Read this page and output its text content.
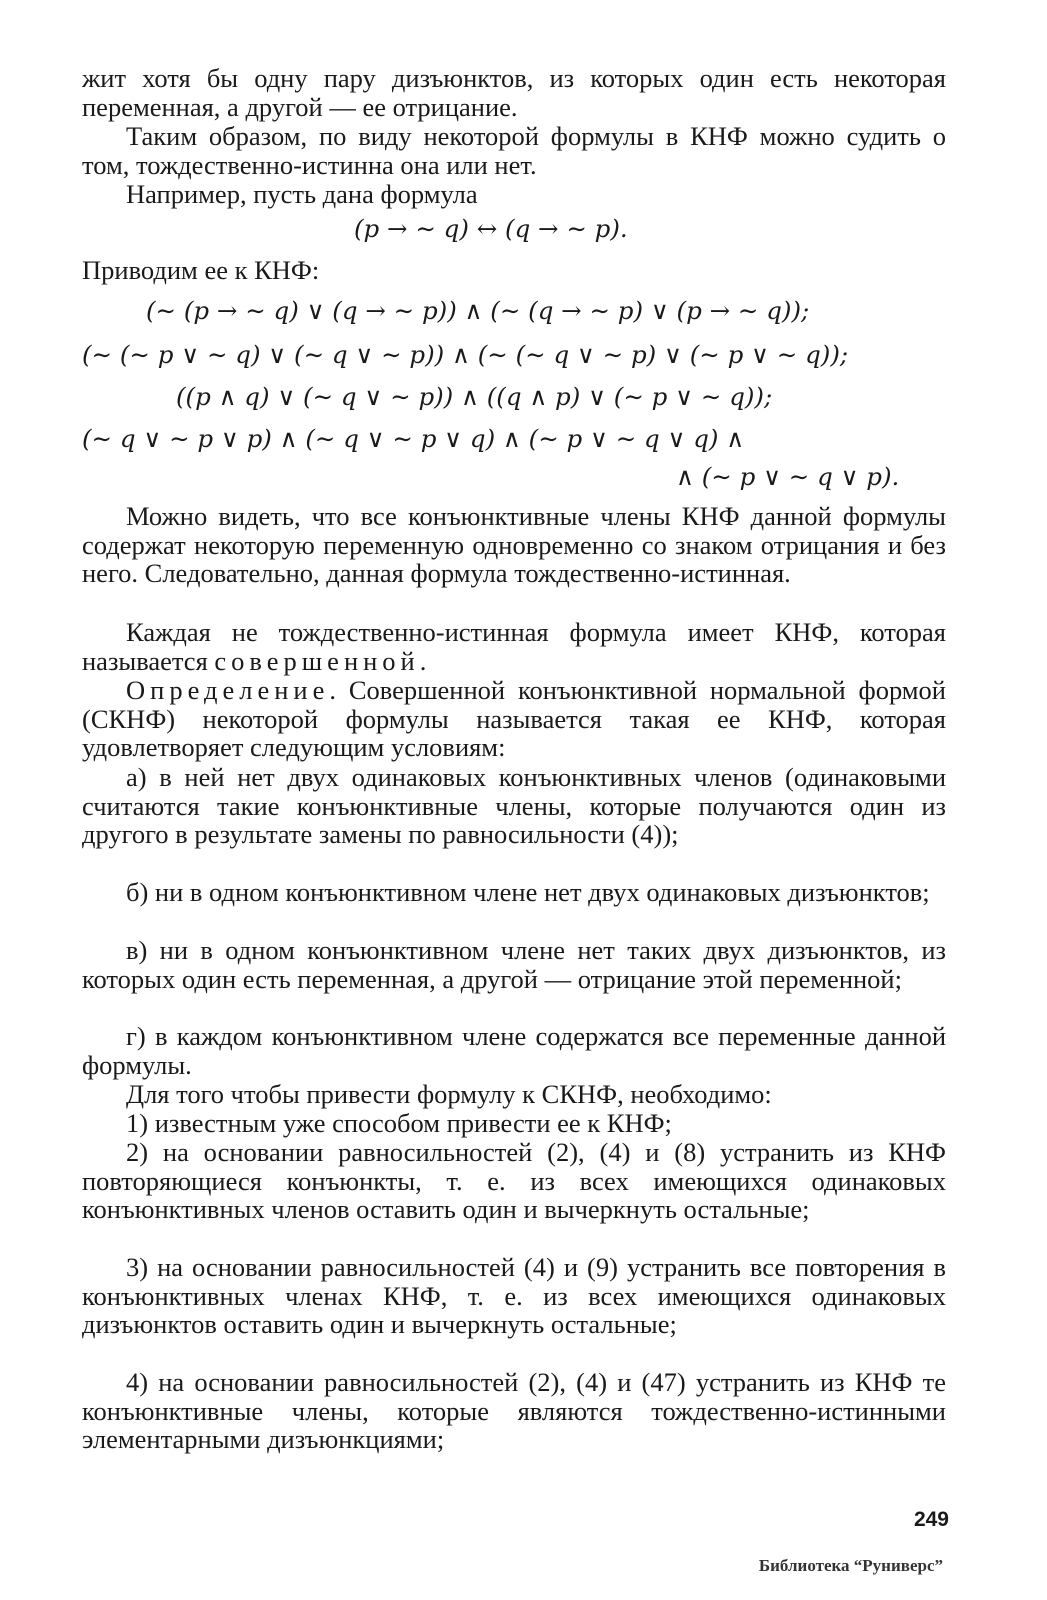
жит хотя бы одну пару дизъюнктов, из которых один есть некоторая переменная, а другой — ее отрицание.

Таким образом, по виду некоторой формулы в КНФ можно судить о том, тождественно-истинна она или нет.

Например, пусть дана формула

(p → ∼ q) ↔ (q → ∼ p).

Приводим ее к КНФ:

(∼ (p → ∼ q) ∨ (q → ∼ p)) ∧ (∼ (q → ∼ p) ∨ (p → ∼ q));

(∼ (∼ p ∨ ∼ q) ∨ (∼ q ∨ ∼ p)) ∧ (∼ (∼ q ∨ ∼ p) ∨ (∼ p ∨ ∼ q));

((p ∧ q) ∨ (∼ q ∨ ∼ p)) ∧ ((q ∧ p) ∨ (∼ p ∨ ∼ q));

(∼ q ∨ ∼ p ∨ p) ∧ (∼ q ∨ ∼ p ∨ q) ∧ (∼ p ∨ ∼ q ∨ q) ∧

∧ (∼ p ∨ ∼ q ∨ p).

Можно видеть, что все конъюнктивные члены КНФ данной формулы содержат некоторую переменную одновременно со знаком отрицания и без него. Следовательно, данная формула тождественно-истинная.

Каждая не тождественно-истинная формула имеет КНФ, которая называется совершенной.

Определение. Совершенной конъюнктивной нормальной формой (СКНФ) некоторой формулы называется такая ее КНФ, которая удовлетворяет следующим условиям:

а) в ней нет двух одинаковых конъюнктивных членов (одинаковыми считаются такие конъюнктивные члены, которые получаются один из другого в результате замены по равносильности (4));

б) ни в одном конъюнктивном члене нет двух одинаковых дизъюнктов;

в) ни в одном конъюнктивном члене нет таких двух дизъюнктов, из которых один есть переменная, а другой — отрицание этой переменной;

г) в каждом конъюнктивном члене содержатся все переменные данной формулы.

Для того чтобы привести формулу к СКНФ, необходимо:

1) известным уже способом привести ее к КНФ;

2) на основании равносильностей (2), (4) и (8) устранить из КНФ повторяющиеся конъюнкты, т. е. из всех имеющихся одинаковых конъюнктивных членов оставить один и вычеркнуть остальные;

3) на основании равносильностей (4) и (9) устранить все повторения в конъюнктивных членах КНФ, т. е. из всех имеющихся одинаковых дизъюнктов оставить один и вычеркнуть остальные;

4) на основании равносильностей (2), (4) и (47) устранить из КНФ те конъюнктивные члены, которые являются тождественно-истинными элементарными дизъюнкциями;

249
Библиотека “Руниверс”
